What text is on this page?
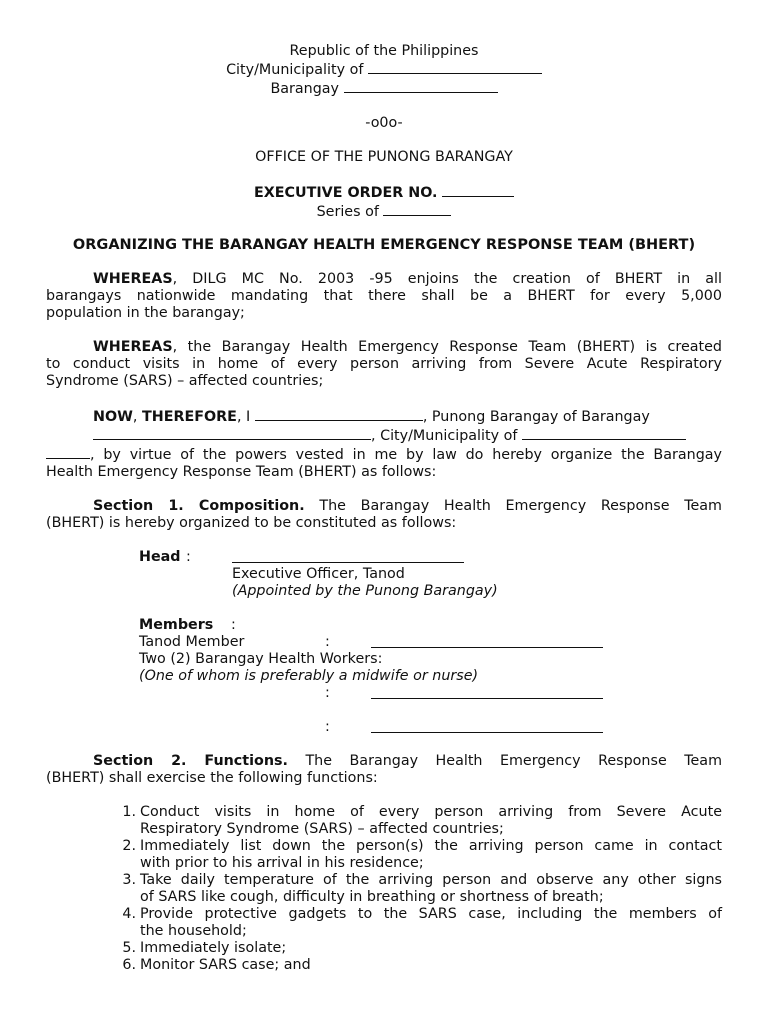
Republic of the Philippines

City/Municipality of

Barangay

-o0o-

OFFICE OF THE PUNONG BARANGAY

EXECUTIVE ORDER NO.

Series of

ORGANIZING THE BARANGAY HEALTH EMERGENCY RESPONSE TEAM (BHERT)

WHEREAS, DILG MC No. 2003 -95 enjoins the creation of BHERT in all

barangays nationwide mandating that there shall be a BHERT for every 5,000

population in the barangay;

WHEREAS, the Barangay Health Emergency Response Team (BHERT) is created

to conduct visits in home of every person arriving from Severe Acute Respiratory

Syndrome (SARS) – affected countries;

NOW, THEREFORE, I	, Punong Barangay of Barangay

, City/Municipality of

, by virtue of the powers vested in me by law do hereby organize the Barangay

Health Emergency Response Team (BHERT) as follows:

Section 1. Composition. The Barangay Health Emergency Response Team

(BHERT) is hereby organized to be constituted as follows:

Head :

Executive Officer, Tanod

(Appointed by the Punong Barangay)

Members :
Tanod Member	:

Two (2) Barangay Health Workers:

(One of whom is preferably a midwife or nurse)

:
:

Section 2. Functions. The Barangay Health Emergency Response Team

(BHERT) shall exercise the following functions:

1. Conduct visits in home of every person arriving from Severe Acute

Respiratory Syndrome (SARS) – affected countries;

2. Immediately list down the person(s) the arriving person came in contact

with prior to his arrival in his residence;

3. Take daily temperature of the arriving person and observe any other signs

of SARS like cough, difficulty in breathing or shortness of breath;

4. Provide protective gadgets to the SARS case, including the members of

the household;

5. Immediately isolate;

6. Monitor SARS case; and
